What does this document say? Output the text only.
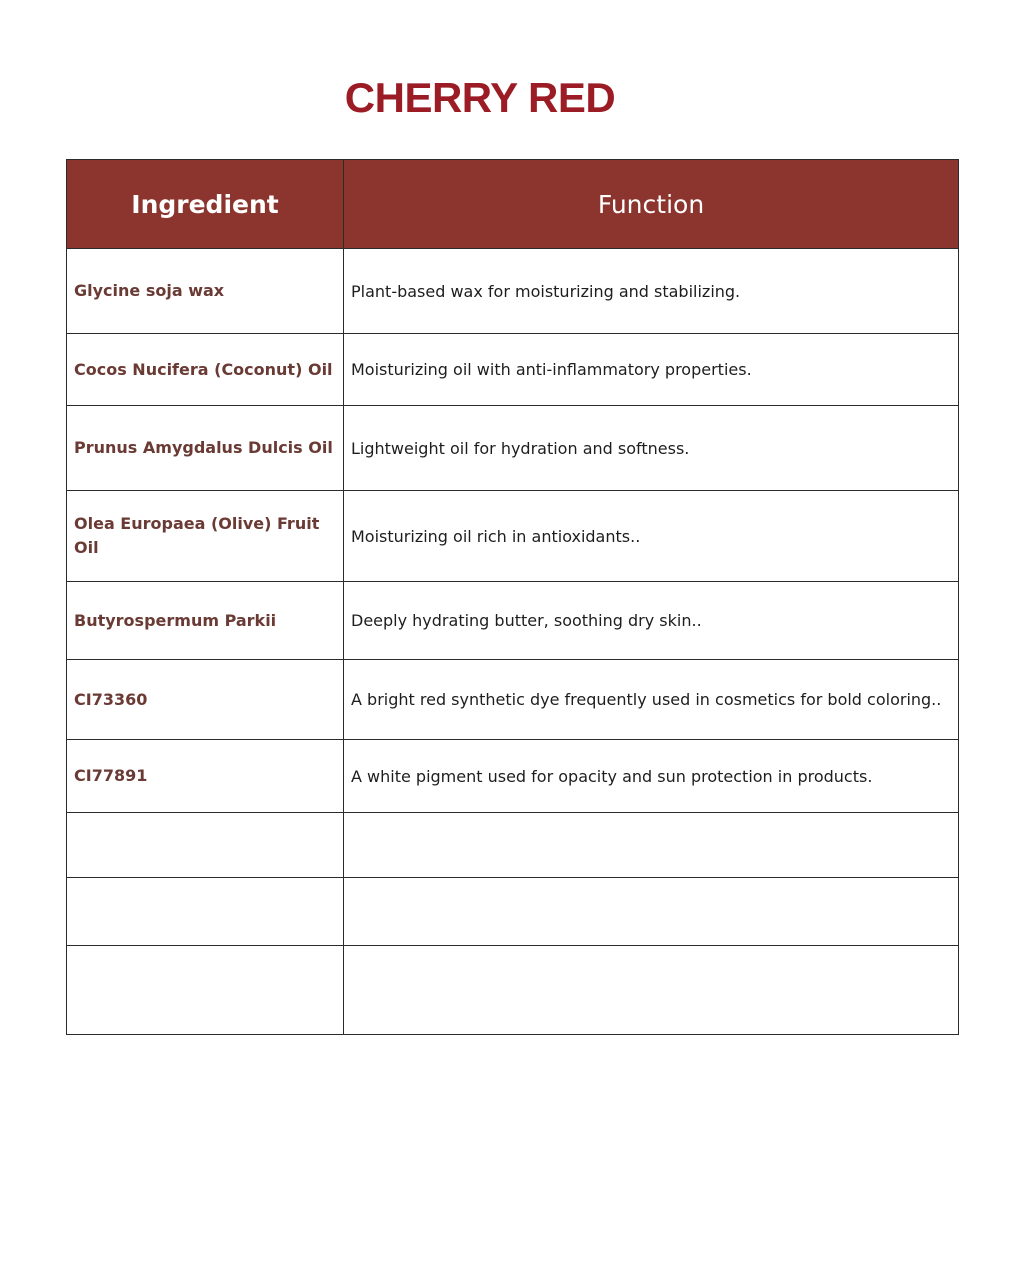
CHERRY RED
Ingredient	Function
Glycine soja wax	Plant-based wax for moisturizing and stabilizing.
Cocos Nucifera (Coconut) Oil	Moisturizing oil with anti-inflammatory properties.
Prunus Amygdalus Dulcis Oil	Lightweight oil for hydration and softness.
Olea Europaea (Olive) Fruit Oil	Moisturizing oil rich in antioxidants..
Butyrospermum Parkii	Deeply hydrating butter, soothing dry skin..
CI73360	A bright red synthetic dye frequently used in cosmetics for bold coloring..
CI77891	A white pigment used for opacity and sun protection in products.
